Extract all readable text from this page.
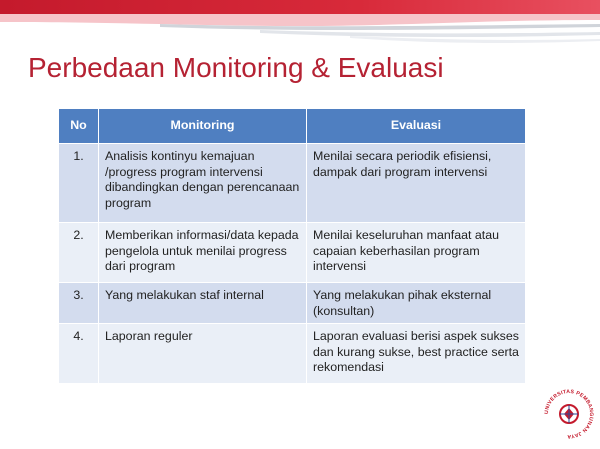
Perbedaan Monitoring & Evaluasi
No	Monitoring	Evaluasi
1.	Analisis kontinyu kemajuan /progress program intervensi dibandingkan dengan perencanaan program	Menilai secara periodik efisiensi, dampak dari program intervensi
2.	Memberikan informasi/data kepada pengelola untuk menilai progress dari program	Menilai keseluruhan manfaat atau capaian keberhasilan program intervensi
3.	Yang melakukan staf internal	Yang melakukan pihak eksternal (konsultan)
4.	Laporan reguler	Laporan evaluasi berisi aspek sukses dan kurang sukse, best practice serta rekomendasi
UNIVERSITAS PEMBANGUNAN JAYA
